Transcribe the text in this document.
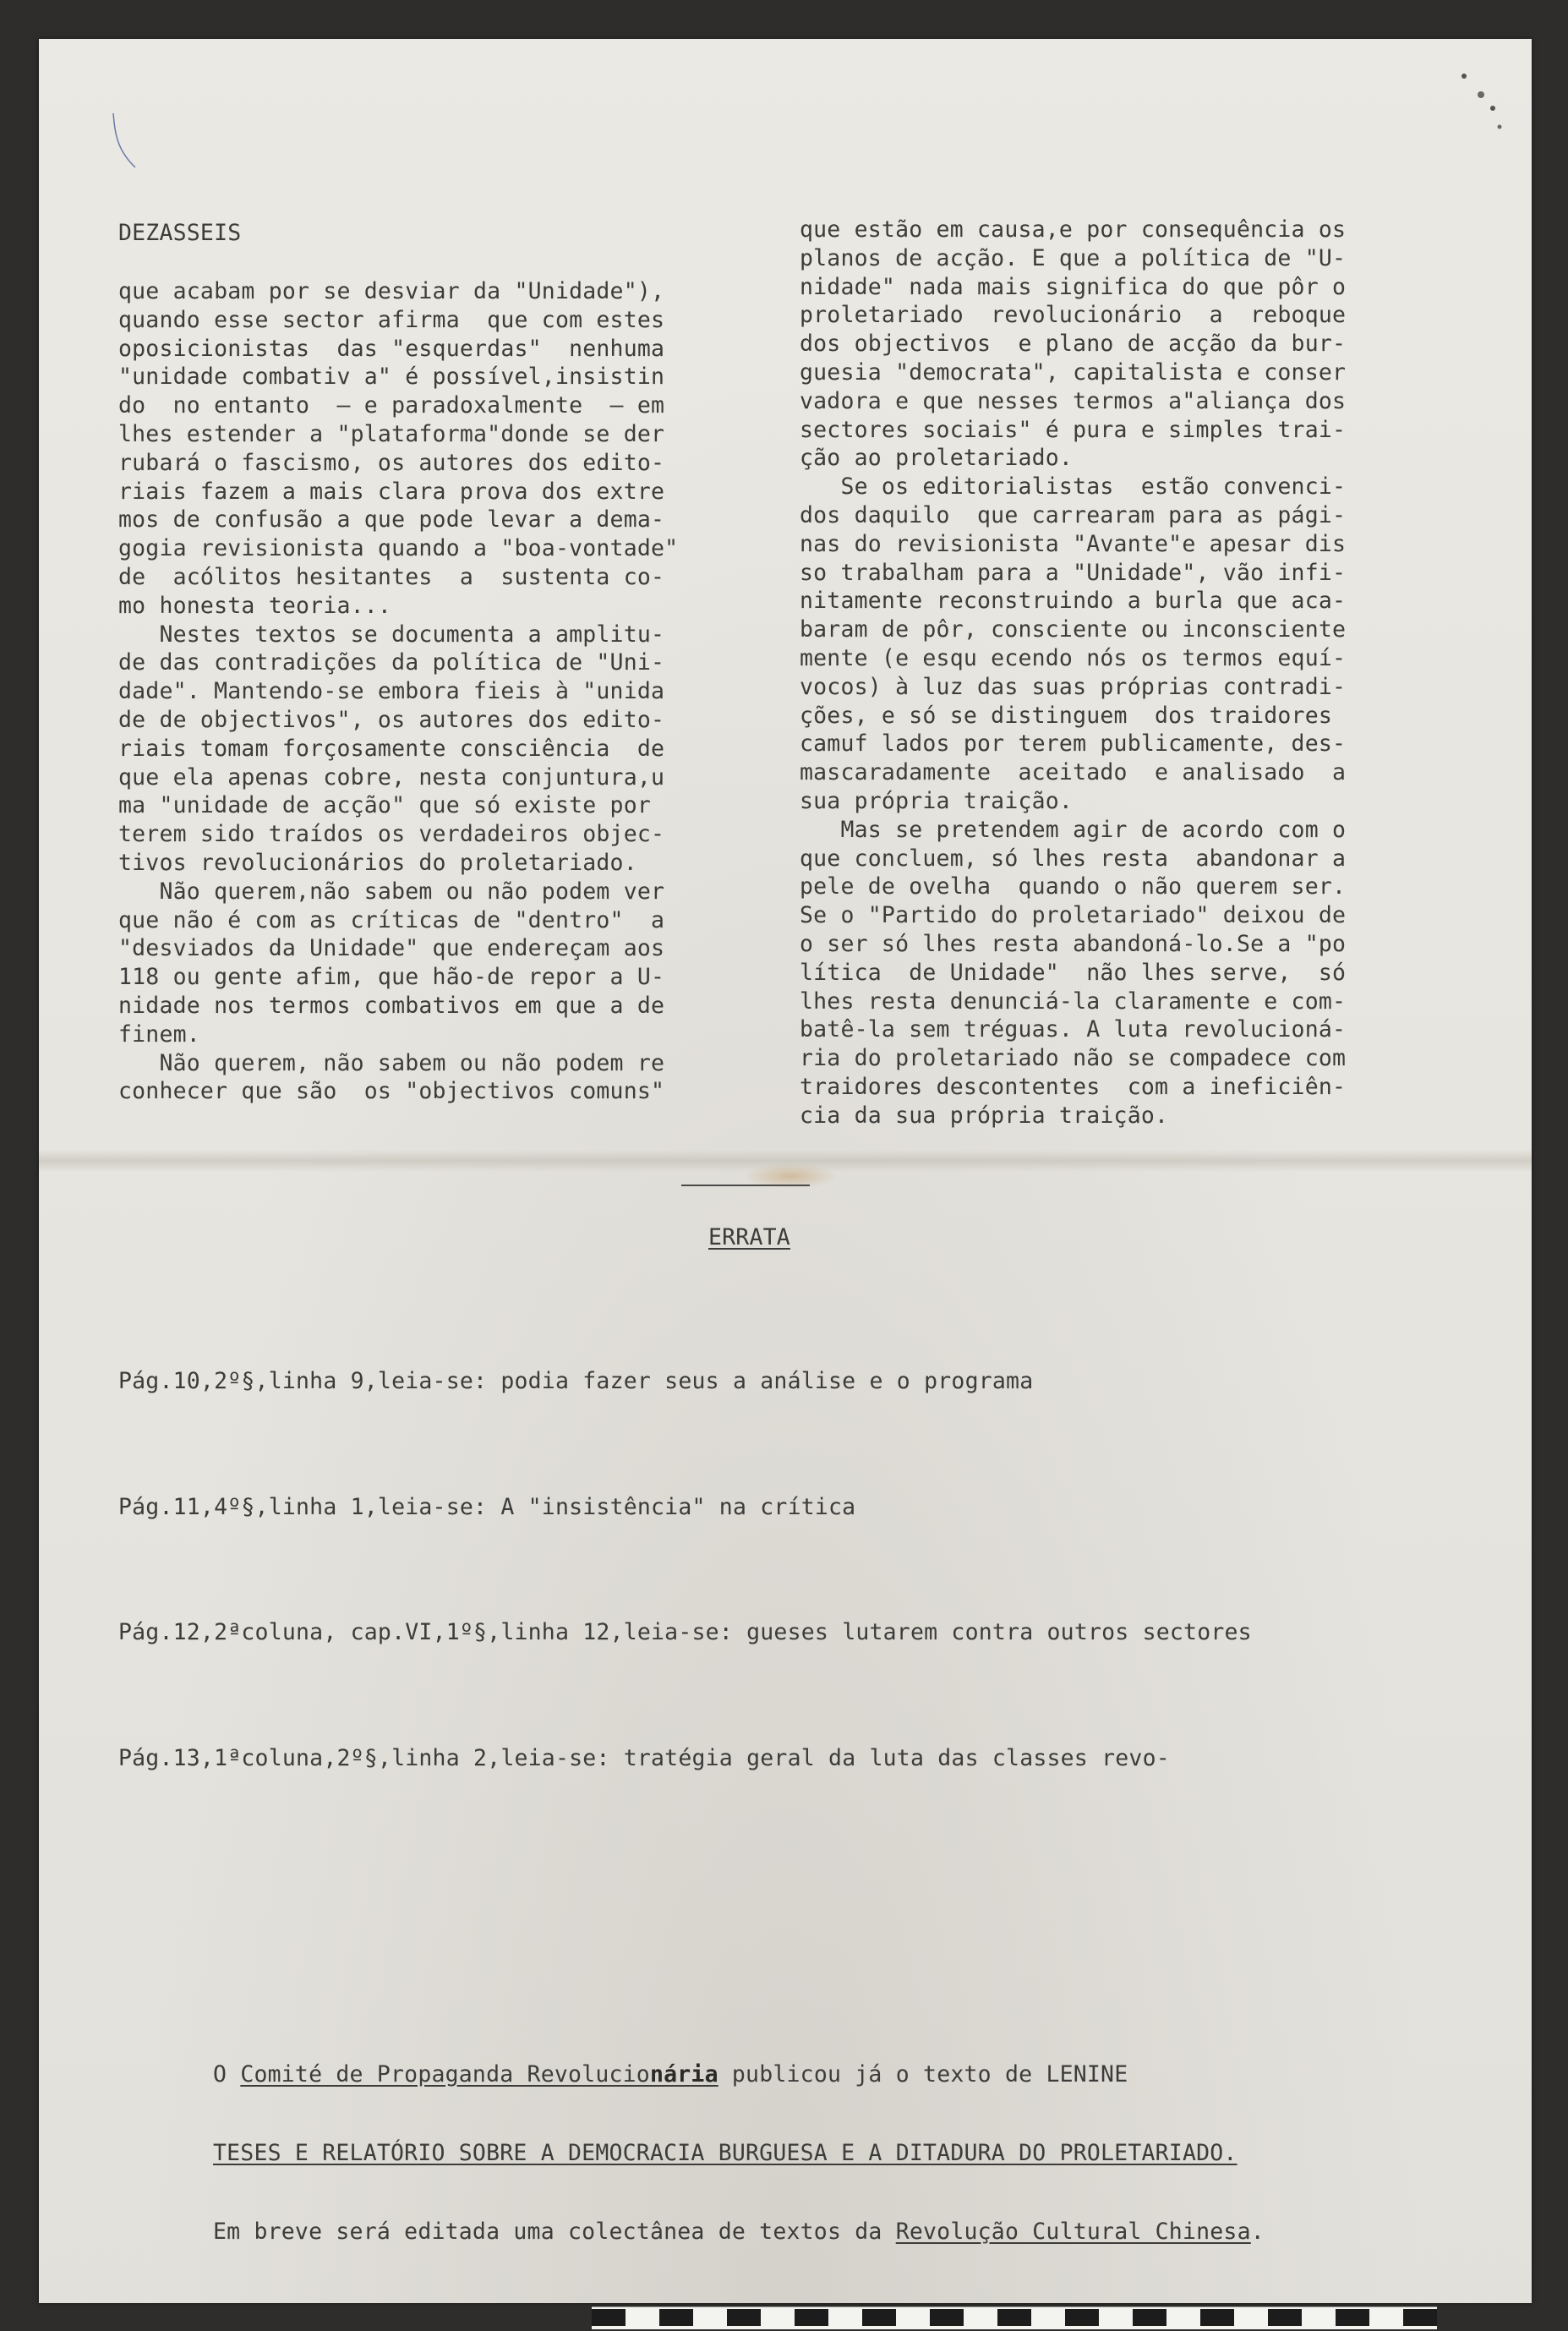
DEZASSEIS
que acabam por se desviar da "Unidade"),
quando esse sector afirma  que com estes
oposicionistas  das "esquerdas"  nenhuma
"unidade combativ a" é possível,insistin
do  no entanto  — e paradoxalmente  — em
lhes estender a "plataforma"donde se der
rubará o fascismo, os autores dos edito-
riais fazem a mais clara prova dos extre
mos de confusão a que pode levar a dema-
gogia revisionista quando a "boa-vontade"
de  acólitos hesitantes  a  sustenta co-
mo honesta teoria...
Nestes textos se documenta a amplitu-
de das contradições da política de "Uni-
dade". Mantendo-se embora fieis à "unida
de de objectivos", os autores dos edito-
riais tomam forçosamente consciência  de
que ela apenas cobre, nesta conjuntura,u
ma "unidade de acção" que só existe por
terem sido traídos os verdadeiros objec-
tivos revolucionários do proletariado.
Não querem,não sabem ou não podem ver
que não é com as críticas de "dentro"  a
"desviados da Unidade" que endereçam aos
118 ou gente afim, que hão-de repor a U-
nidade nos termos combativos em que a de
finem.
Não querem, não sabem ou não podem re
conhecer que são  os "objectivos comuns"
que estão em causa,e por consequência os
planos de acção. E que a política de "U-
nidade" nada mais significa do que pôr o
proletariado  revolucionário  a  reboque
dos objectivos  e plano de acção da bur-
guesia "democrata", capitalista e conser
vadora e que nesses termos a"aliança dos
sectores sociais" é pura e simples trai-
ção ao proletariado.
Se os editorialistas  estão convenci-
dos daquilo  que carrearam para as pági-
nas do revisionista "Avante"e apesar dis
so trabalham para a "Unidade", vão infi-
nitamente reconstruindo a burla que aca-
baram de pôr, consciente ou inconsciente
mente (e esqu ecendo nós os termos equí-
vocos) à luz das suas próprias contradi-
ções, e só se distinguem  dos traidores
camuf lados por terem publicamente, des-
mascaradamente  aceitado  e analisado  a
sua própria traição.
Mas se pretendem agir de acordo com o
que concluem, só lhes resta  abandonar a
pele de ovelha  quando o não querem ser.
Se o "Partido do proletariado" deixou de
o ser só lhes resta abandoná-lo.Se a "po
lítica  de Unidade"  não lhes serve,  só
lhes resta denunciá-la claramente e com-
batê-la sem tréguas. A luta revolucioná-
ria do proletariado não se compadece com
traidores descontentes  com a ineficiên-
cia da sua própria traição.
ERRATA

Pág.10,2º§,linha 9,leia-se: podia fazer seus a análise e o programa

Pág.11,4º§,linha 1,leia-se: A "insistência" na crítica

Pág.12,2ªcoluna, cap.VI,1º§,linha 12,leia-se: gueses lutarem contra outros sectores

Pág.13,1ªcoluna,2º§,linha 2,leia-se: tratégia geral da luta das classes revo-

O Comité de Propaganda Revolucionária publicou já o texto de LENINE

TESES E RELATÓRIO SOBRE A DEMOCRACIA BURGUESA E A DITADURA DO PROLETARIADO.

Em breve será editada uma colectânea de textos da Revolução Cultural Chinesa.
